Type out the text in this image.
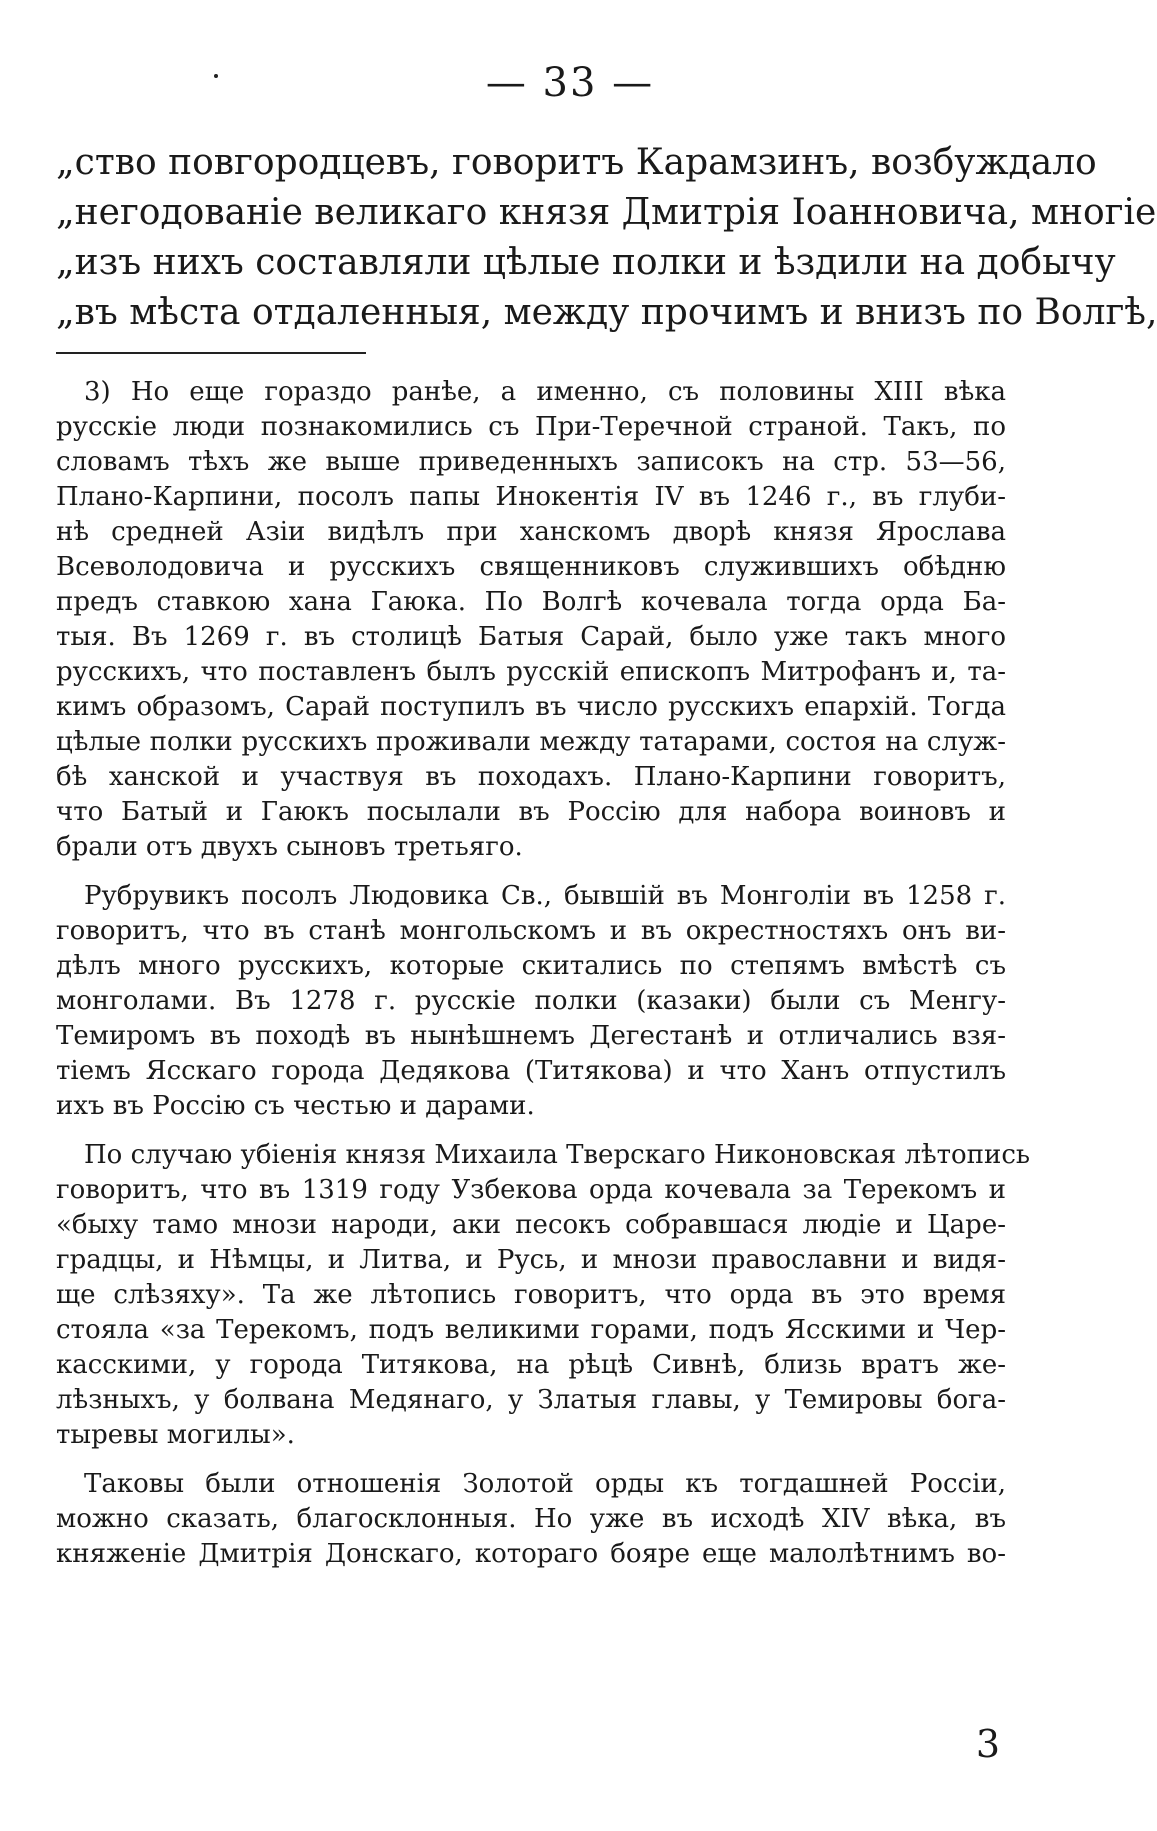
— 33 —
„ство повгородцевъ, говоритъ Карамзинъ, возбуждало
„негодованіе великаго князя Дмитрія Іоанновича, многіе
„изъ нихъ составляли цѣлые полки и ѣздили на добычу
„въ мѣста отдаленныя, между прочимъ и внизъ по Волгѣ,
3) Но еще гораздо ранѣе, а именно, съ половины XIII вѣка
русскіе люди познакомились съ При-Теречной страной. Такъ, по
словамъ тѣхъ же выше приведенныхъ записокъ на стр. 53—56,
Плано-Карпини, посолъ папы Инокентія IV въ 1246 г., въ глуби-
нѣ средней Азіи видѣлъ при ханскомъ дворѣ князя Ярослава
Всеволодовича и русскихъ священниковъ служившихъ обѣдню
предъ ставкою хана Гаюка. По Волгѣ кочевала тогда орда Ба-
тыя. Въ 1269 г. въ столицѣ Батыя Сарай, было уже такъ много
русскихъ, что поставленъ былъ русскій епископъ Митрофанъ и, та-
кимъ образомъ, Сарай поступилъ въ число русскихъ епархій. Тогда
цѣлые полки русскихъ проживали между татарами, состоя на служ-
бѣ ханской и участвуя въ походахъ. Плано-Карпини говоритъ,
что Батый и Гаюкъ посылали въ Россію для набора воиновъ и
брали отъ двухъ сыновъ третьяго.
Рубрувикъ посолъ Людовика Св., бывшій въ Монголіи въ 1258 г.
говоритъ, что въ станѣ монгольскомъ и въ окрестностяхъ онъ ви-
дѣлъ много русскихъ, которые скитались по степямъ вмѣстѣ съ
монголами. Въ 1278 г. русскіе полки (казаки) были съ Менгу-
Темиромъ въ походѣ въ нынѣшнемъ Дегестанѣ и отличались взя-
тіемъ Ясскаго города Дедякова (Титякова) и что Ханъ отпустилъ
ихъ въ Россію съ честью и дарами.
По случаю убіенія князя Михаила Тверскаго Никоновская лѣтопись
говоритъ, что въ 1319 году Узбекова орда кочевала за Терекомъ и
«быху тамо мнози народи, аки песокъ собравшася людіе и Царе-
градцы, и Нѣмцы, и Литва, и Русь, и мнози православни и видя-
ще слѣзяху». Та же лѣтопись говоритъ, что орда въ это время
стояла «за Терекомъ, подъ великими горами, подъ Ясскими и Чер-
касскими, у города Титякова, на рѣцѣ Сивнѣ, близь вратъ же-
лѣзныхъ, у болвана Медянаго, у Златыя главы, у Темировы бога-
тыревы могилы».
Таковы были отношенія Золотой орды къ тогдашней Россіи,
можно сказать, благосклонныя. Но уже въ исходѣ XIV вѣка, въ
княженіе Дмитрія Донскаго, котораго бояре еще малолѣтнимъ во-
3
